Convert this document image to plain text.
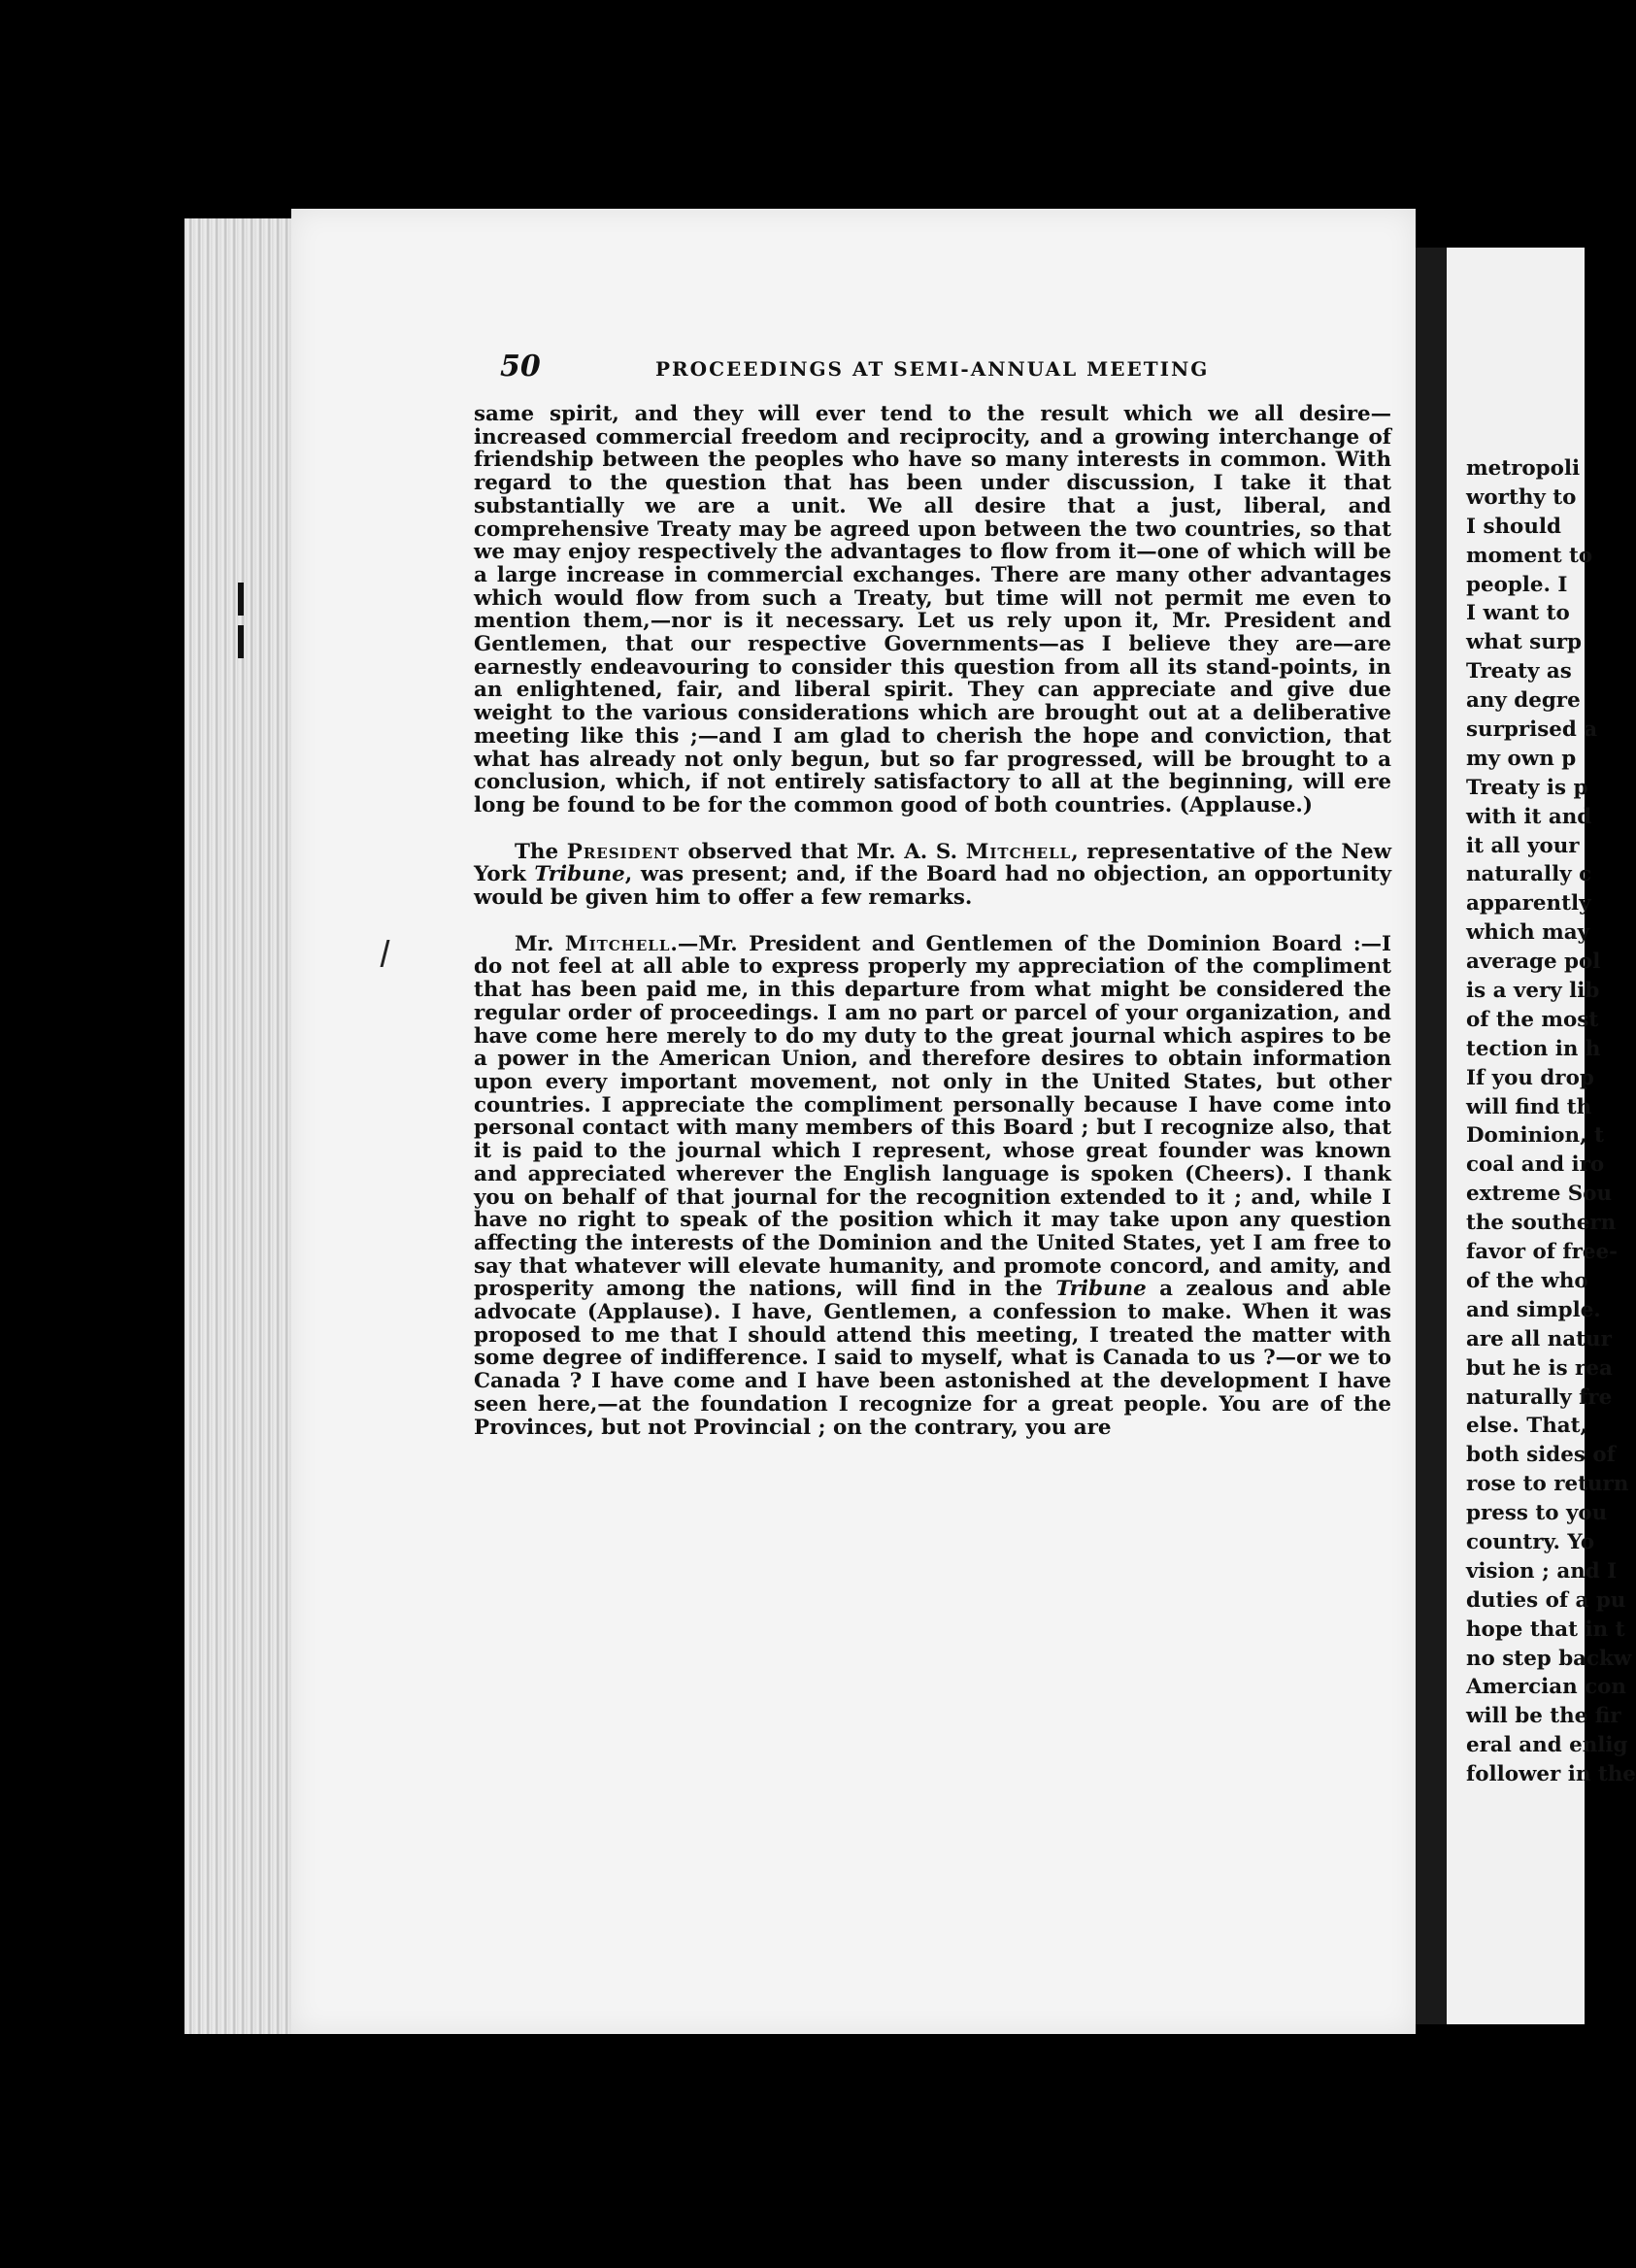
50	PROCEEDINGS AT SEMI-ANNUAL MEETING

same spirit, and they will ever tend to the result which we all desire—increased commercial freedom and reciprocity, and a growing interchange of friendship between the peoples who have so many interests in common. With regard to the question that has been under discussion, I take it that substantially we are a unit. We all desire that a just, liberal, and comprehensive Treaty may be agreed upon between the two countries, so that we may enjoy respectively the advantages to flow from it—one of which will be a large increase in commercial exchanges. There are many other advantages which would flow from such a Treaty, but time will not permit me even to mention them,—nor is it necessary. Let us rely upon it, Mr. President and Gentlemen, that our respective Governments—as I believe they are—are earnestly endeavouring to consider this question from all its stand-points, in an enlightened, fair, and liberal spirit. They can appreciate and give due weight to the various considerations which are brought out at a deliberative meeting like this ;—and I am glad to cherish the hope and conviction, that what has already not only begun, but so far progressed, will be brought to a conclusion, which, if not entirely satisfactory to all at the beginning, will ere long be found to be for the common good of both countries. (Applause.)

The President observed that Mr. A. S. Mitchell, representative of the New York Tribune, was present; and, if the Board had no objection, an opportunity would be given him to offer a few remarks.

Mr. Mitchell.—Mr. President and Gentlemen of the Dominion Board :—I do not feel at all able to express properly my appreciation of the compliment that has been paid me, in this departure from what might be considered the regular order of proceedings. I am no part or parcel of your organization, and have come here merely to do my duty to the great journal which aspires to be a power in the American Union, and therefore desires to obtain information upon every important movement, not only in the United States, but other countries. I appreciate the compliment personally because I have come into personal contact with many members of this Board ; but I recognize also, that it is paid to the journal which I represent, whose great founder was known and appreciated wherever the English language is spoken (Cheers). I thank you on behalf of that journal for the recognition extended to it ; and, while I have no right to speak of the position which it may take upon any question affecting the interests of the Dominion and the United States, yet I am free to say that whatever will elevate humanity, and promote concord, and amity, and prosperity among the nations, will find in the Tribune a zealous and able advocate (Applause). I have, Gentlemen, a confession to make. When it was proposed to me that I should attend this meeting, I treated the matter with some degree of indifference. I said to myself, what is Canada to us ?—or we to Canada ? I have come and I have been astonished at the development I have seen here,—at the foundation I recognize for a great people. You are of the Provinces, but not Provincial ; on the contrary, you are

metropoli
worthy to
I should
moment to
people. I
I want to
what surp
Treaty as
any degre
surprised a
my own p
Treaty is p
with it and
it all your
naturally c
apparently
which may
average pol
is a very lib
of the most
tection in h
If you drop
will find th
Dominion, t
coal and iro
extreme Sou
the southern
favor of free-
of the who
and simple.
are all natur
but he is rea
naturally fre
else. That,
both sides of
rose to return
press to you
country. Yo
vision ; and I
duties of a pu
hope that in t
no step backw
Amercian con
will be the fir
eral and enlig
follower in the
